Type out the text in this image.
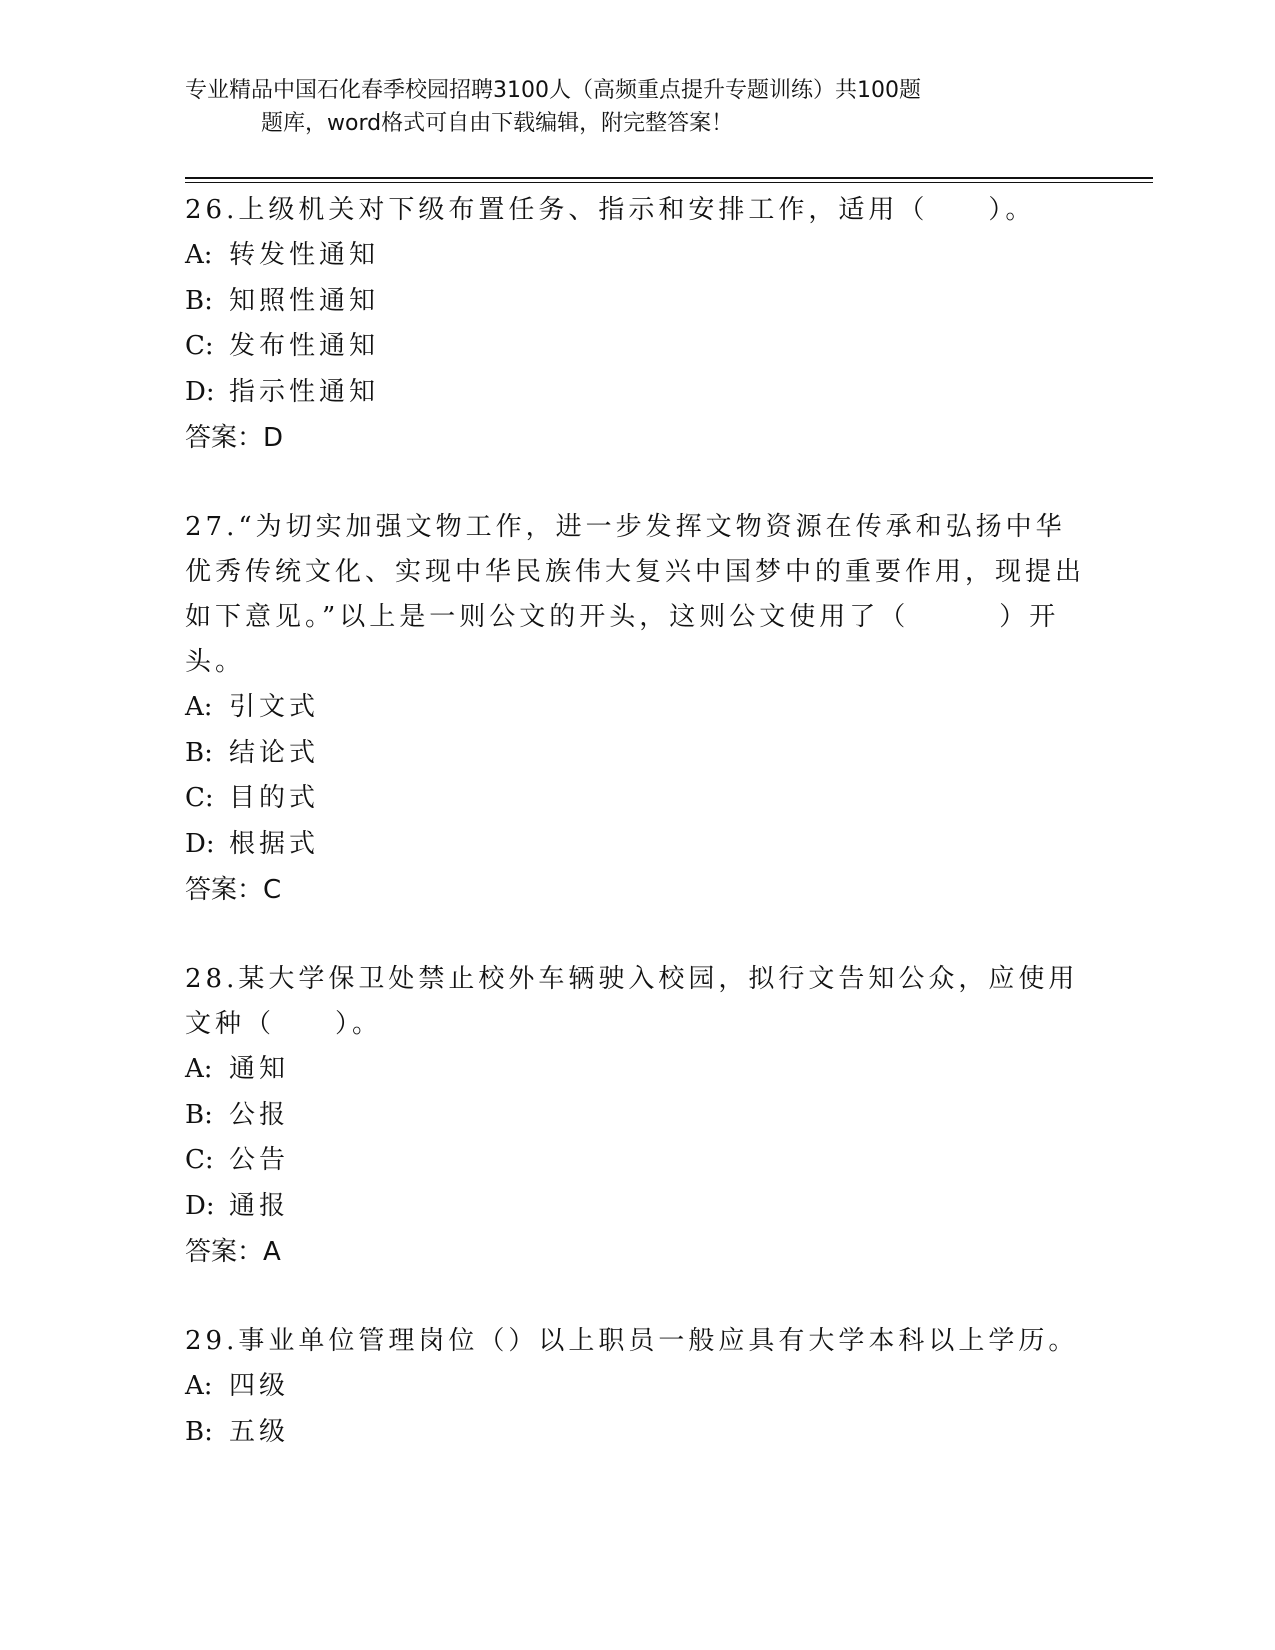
专业精品中国石化春季校园招聘3100人（高频重点提升专题训练）共100题
题库，word格式可自由下载编辑，附完整答案！

26.上级机关对下级布置任务、指示和安排工作，适用（　　）。

A: 转发性通知
B: 知照性通知
C: 发布性通知
D: 指示性通知
答案：D

27.“为切实加强文物工作，进一步发挥文物资源在传承和弘扬中华优秀传统文化、实现中华民族伟大复兴中国梦中的重要作用，现提出如下意见。”以上是一则公文的开头，这则公文使用了（　　　）开头。

A: 引文式
B: 结论式
C: 目的式
D: 根据式
答案：C

28.某大学保卫处禁止校外车辆驶入校园，拟行文告知公众，应使用文种（　　）。

A: 通知
B: 公报
C: 公告
D: 通报
答案：A

29.事业单位管理岗位（）以上职员一般应具有大学本科以上学历。

A: 四级
B: 五级
